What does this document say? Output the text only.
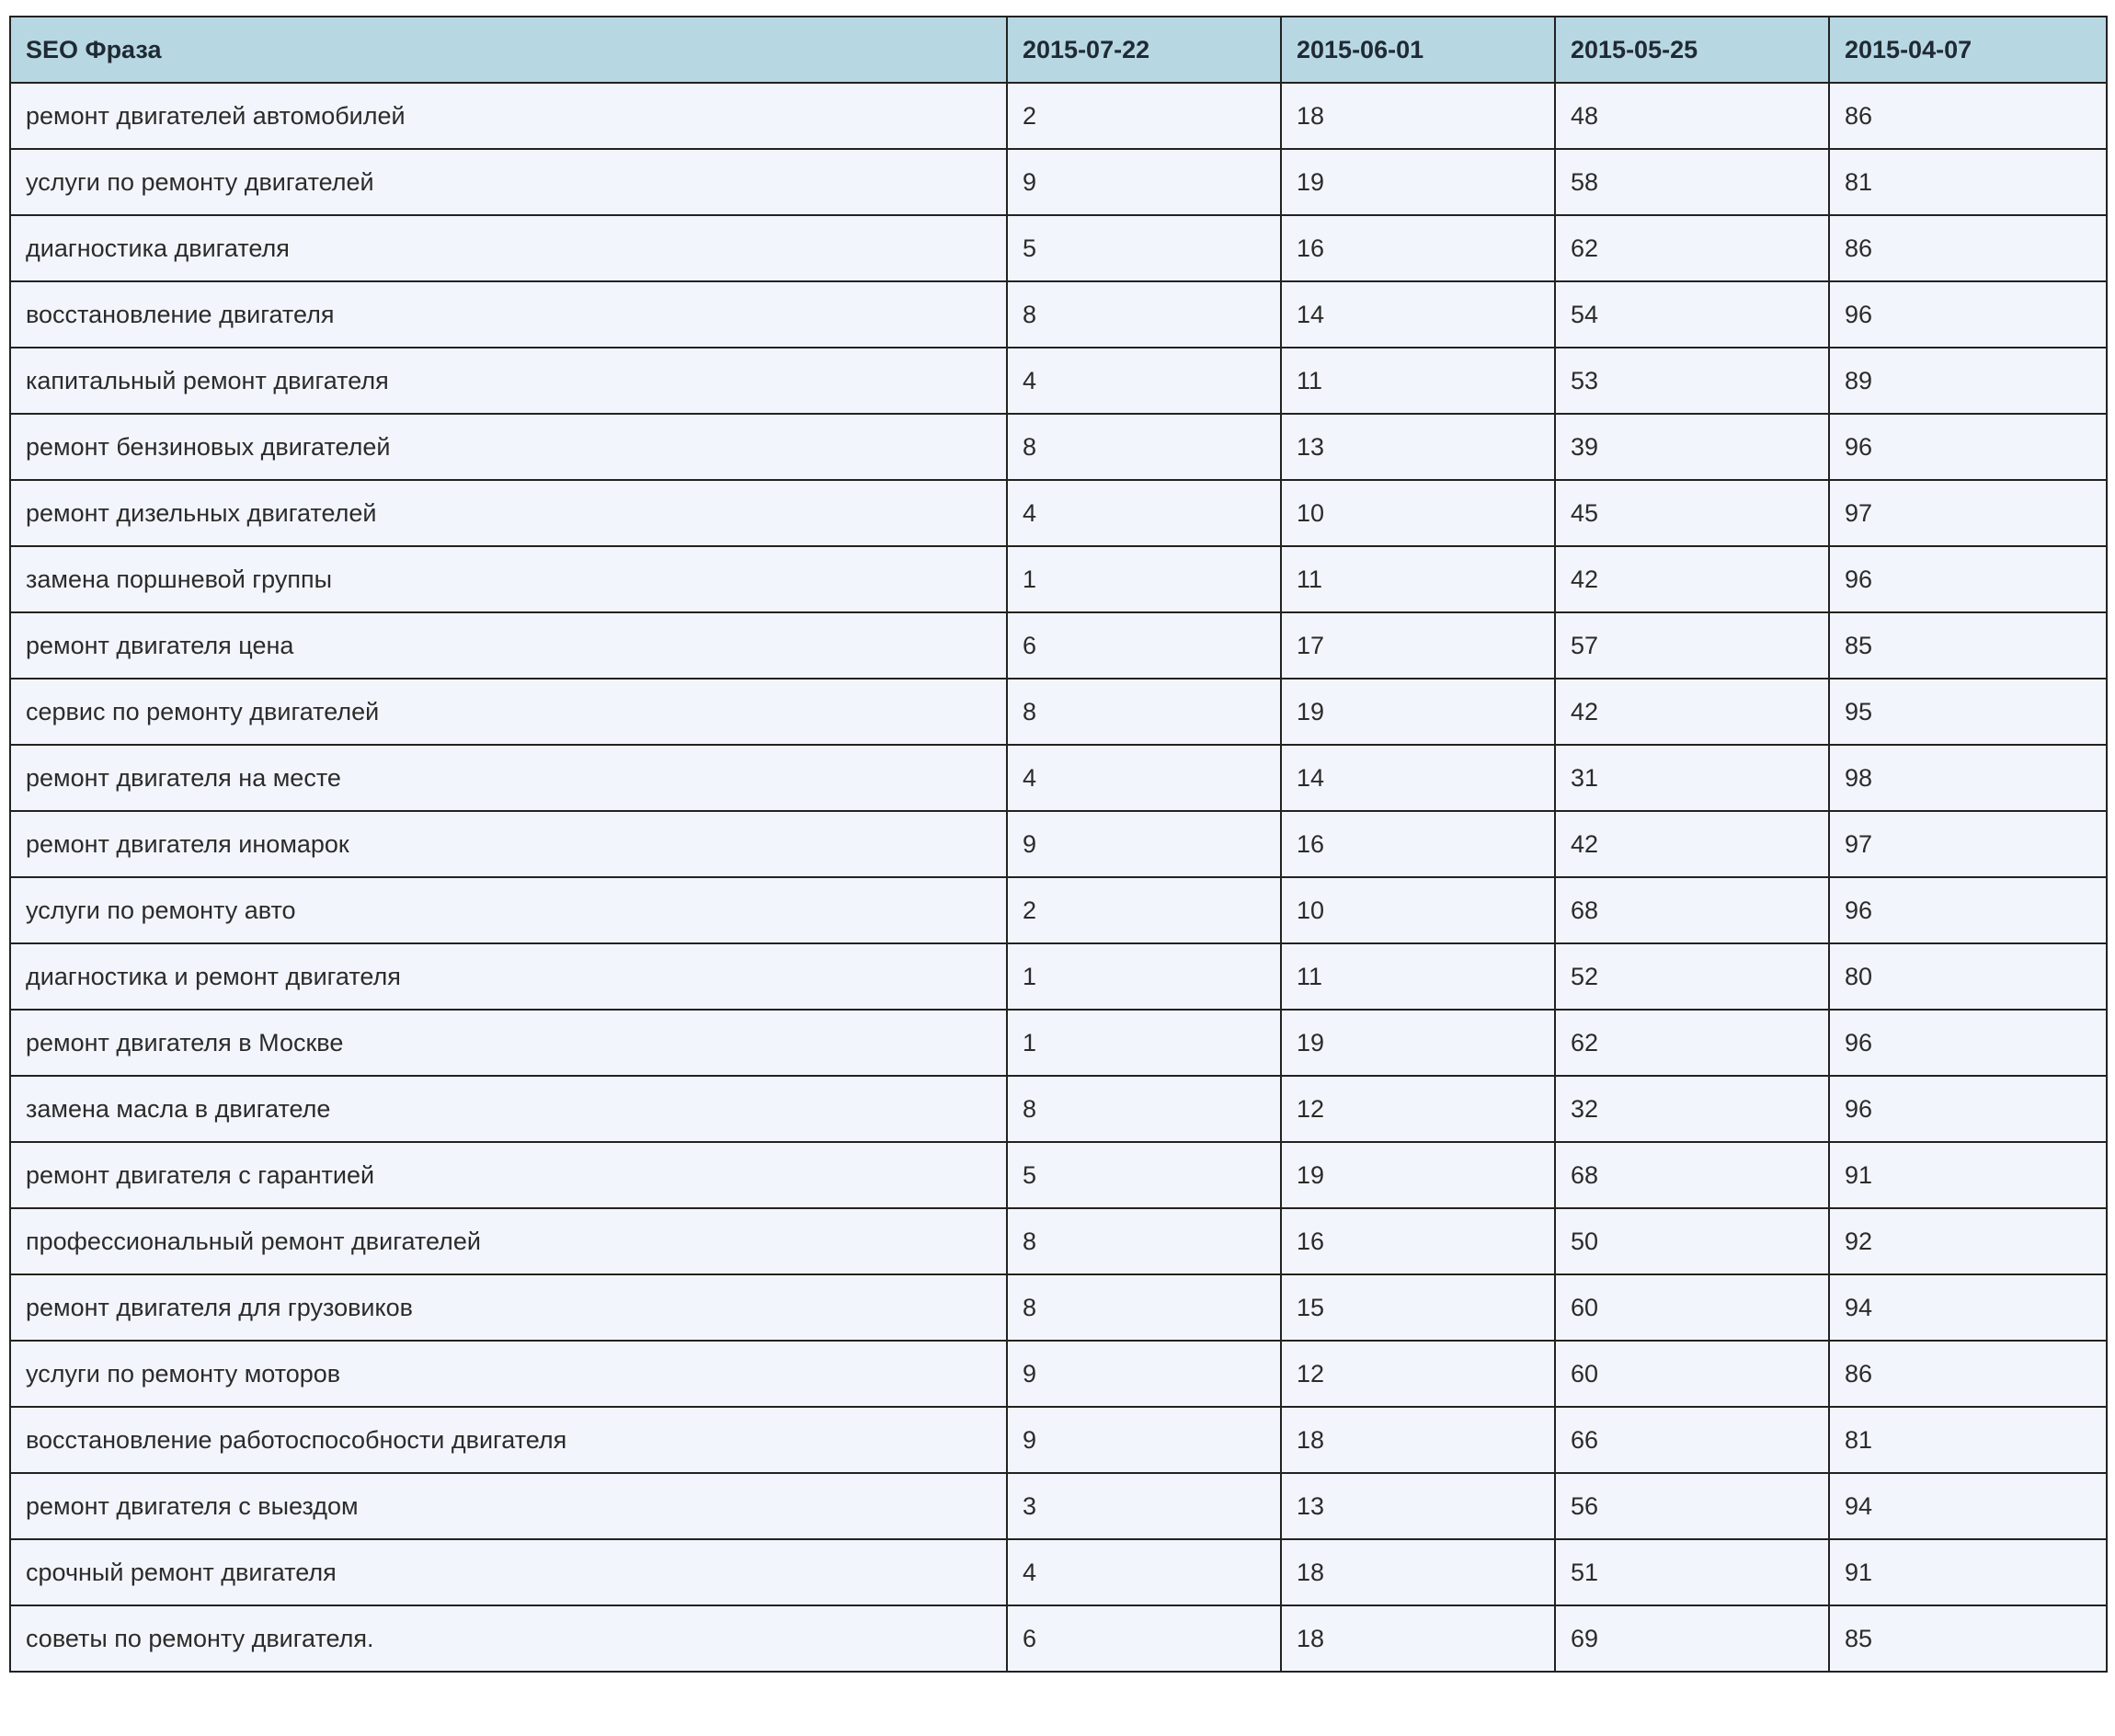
SEO Фраза	2015-07-22	2015-06-01	2015-05-25	2015-04-07
ремонт двигателей автомобилей	2	18	48	86
услуги по ремонту двигателей	9	19	58	81
диагностика двигателя	5	16	62	86
восстановление двигателя	8	14	54	96
капитальный ремонт двигателя	4	11	53	89
ремонт бензиновых двигателей	8	13	39	96
ремонт дизельных двигателей	4	10	45	97
замена поршневой группы	1	11	42	96
ремонт двигателя цена	6	17	57	85
сервис по ремонту двигателей	8	19	42	95
ремонт двигателя на месте	4	14	31	98
ремонт двигателя иномарок	9	16	42	97
услуги по ремонту авто	2	10	68	96
диагностика и ремонт двигателя	1	11	52	80
ремонт двигателя в Москве	1	19	62	96
замена масла в двигателе	8	12	32	96
ремонт двигателя с гарантией	5	19	68	91
профессиональный ремонт двигателей	8	16	50	92
ремонт двигателя для грузовиков	8	15	60	94
услуги по ремонту моторов	9	12	60	86
восстановление работоспособности двигателя	9	18	66	81
ремонт двигателя с выездом	3	13	56	94
срочный ремонт двигателя	4	18	51	91
советы по ремонту двигателя.	6	18	69	85
